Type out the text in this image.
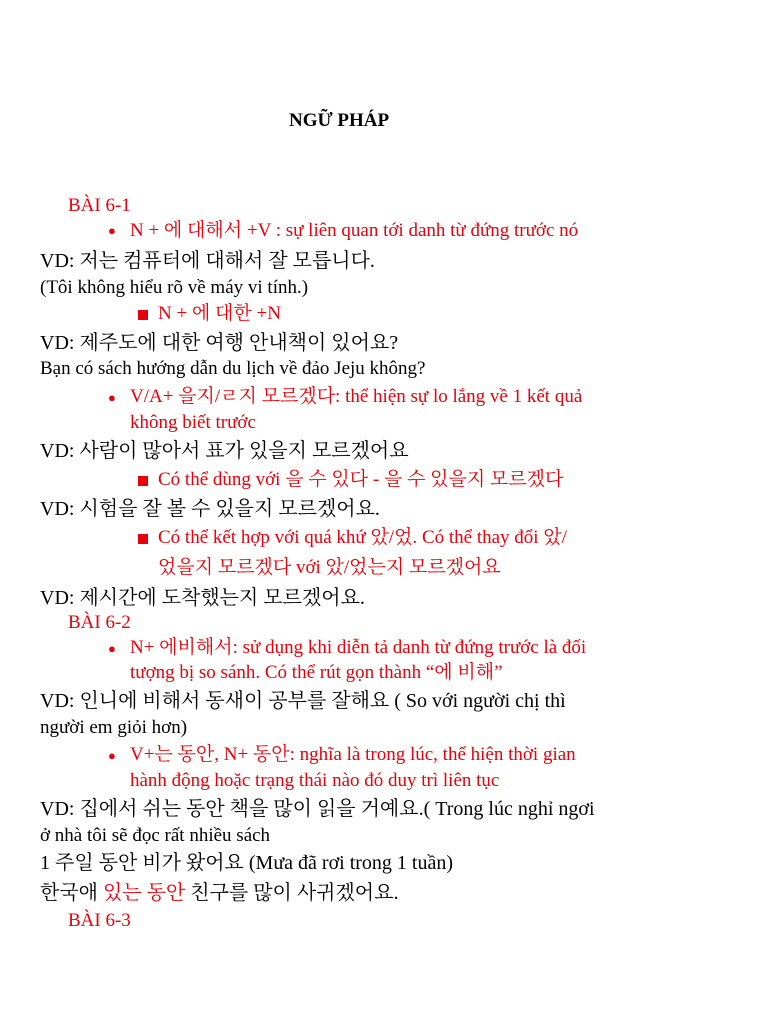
NGỮ PHÁP
BÀI 6-1
● N + 에 대해서 +V : sự liên quan tới danh từ đứng trước nó
VD: 저는 컴퓨터에 대해서 잘 모릅니다.
(Tôi không hiểu rõ về máy vi tính.)
N + 에 대한 +N
VD: 제주도에 대한 여행 안내책이 있어요?
Bạn có sách hướng dẫn du lịch về đảo Jeju không?
● V/A+ 을지/ㄹ지 모르겠다: thể hiện sự lo lắng về 1 kết quả
không biết trước
VD: 사람이 많아서 표가 있을지 모르겠어요
Có thể dùng với 을 수 있다 - 을 수 있을지 모르겠다
VD: 시험을 잘 볼 수 있을지 모르겠어요.
Có thể kết hợp với quá khứ 았/었. Có thể thay đổi 았/
었을지 모르겠다 với 았/었는지 모르겠어요
VD: 제시간에 도착했는지 모르겠어요.
BÀI 6-2
● N+ 에비해서: sử dụng khi diễn tả danh từ đứng trước là đối
tượng bị so sánh. Có thể rút gọn thành “에 비해”
VD: 인니에 비해서 동새이 공부를 잘해요 ( So với người chị thì
người em giỏi hơn)
● V+는 동안, N+ 동안: nghĩa là trong lúc, thể hiện thời gian
hành động hoặc trạng thái nào đó duy trì liên tục
VD: 집에서 쉬는 동안 책을 많이 읽을 거예요.( Trong lúc nghỉ ngơi
ở nhà tôi sẽ đọc rất nhiều sách
1 주일 동안 비가 왔어요 (Mưa đã rơi trong 1 tuần)
한국애 있는 동안 친구를 많이 사귀겠어요.
BÀI 6-3
